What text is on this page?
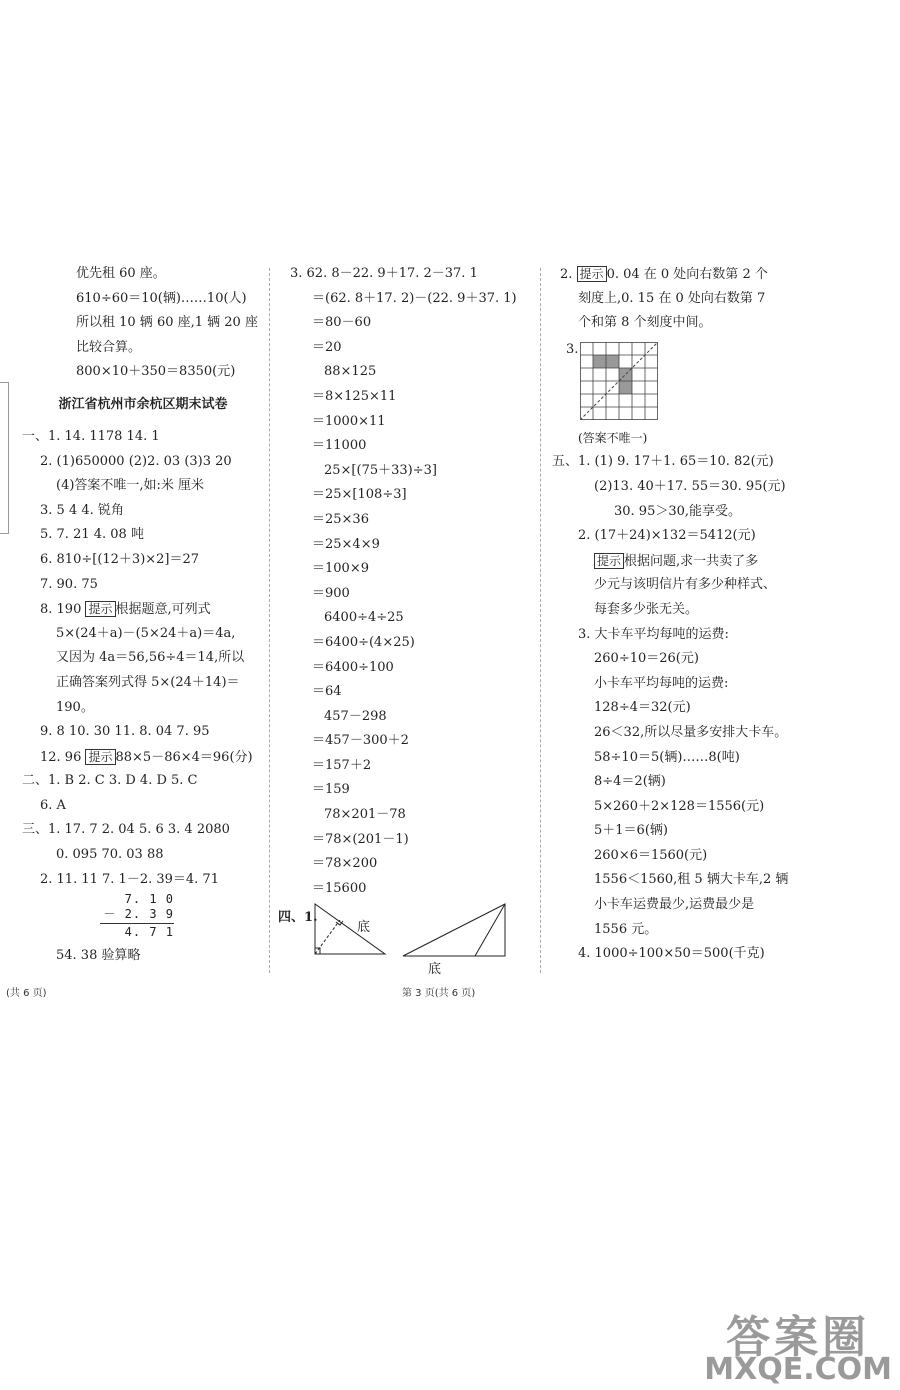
优先租 60 座。
610÷60＝10(辆)……10(人)
所以租 10 辆 60 座,1 辆 20 座
比较合算。
800×10＋350＝8350(元)
浙江省杭州市余杭区期末试卷
一、1. 14. 1178 14. 1
2. (1)650000 (2)2. 03 (3)3 20
(4)答案不唯一,如:米 厘米
3. 5 4 4. 锐角
5. 7. 21 4. 08 吨
6. 810÷[(12＋3)×2]＝27
7. 90. 75
8. 190 提示 根据题意,可列式
5×(24＋a)－(5×24＋a)＝4a,
又因为 4a＝56,56÷4＝14,所以
正确答案列式得 5×(24＋14)＝
190。
9. 8 10. 30 11. 8. 04 7. 95
12. 96 提示 88×5－86×4＝96(分)
二、1. B 2. C 3. D 4. D 5. C
6. A
三、1. 17. 7 2. 04 5. 6 3. 4 2080
0. 095 70. 03 88
2. 11. 11 7. 1－2. 39＝4. 71
7. 1 0
－ 2. 3 9
4. 7 1
54. 38 验算略
3. 62. 8－22. 9＋17. 2－37. 1
＝(62. 8＋17. 2)－(22. 9＋37. 1)
＝80－60
＝20
88×125
＝8×125×11
＝1000×11
＝11000
25×[(75＋33)÷3]
＝25×[108÷3]
＝25×36
＝25×4×9
＝100×9
＝900
6400÷4÷25
＝6400÷(4×25)
＝6400÷100
＝64
457－298
＝457－300＋2
＝157＋2
＝159
78×201－78
＝78×(201－1)
＝78×200
＝15600
四、1.
底
底
2. 提示 0. 04 在 0 处向右数第 2 个
刻度上,0. 15 在 0 处向右数第 7
个和第 8 个刻度中间。
3.
(答案不唯一)
五、1. (1) 9. 17＋1. 65＝10. 82(元)
(2)13. 40＋17. 55＝30. 95(元)
30. 95＞30,能享受。
2. (17＋24)×132＝5412(元)
提示 根据问题,求一共卖了多
少元与该明信片有多少种样式、
每套多少张无关。
3. 大卡车平均每吨的运费:
260÷10＝26(元)
小卡车平均每吨的运费:
128÷4＝32(元)
26＜32,所以尽量多安排大卡车。
58÷10＝5(辆)……8(吨)
8÷4＝2(辆)
5×260＋2×128＝1556(元)
5＋1＝6(辆)
260×6＝1560(元)
1556＜1560,租 5 辆大卡车,2 辆
小卡车运费最少,运费最少是
1556 元。
4. 1000÷100×50＝500(千克)
(共 6 页)	第 3 页(共 6 页)
答案圈
MXQE.COM
